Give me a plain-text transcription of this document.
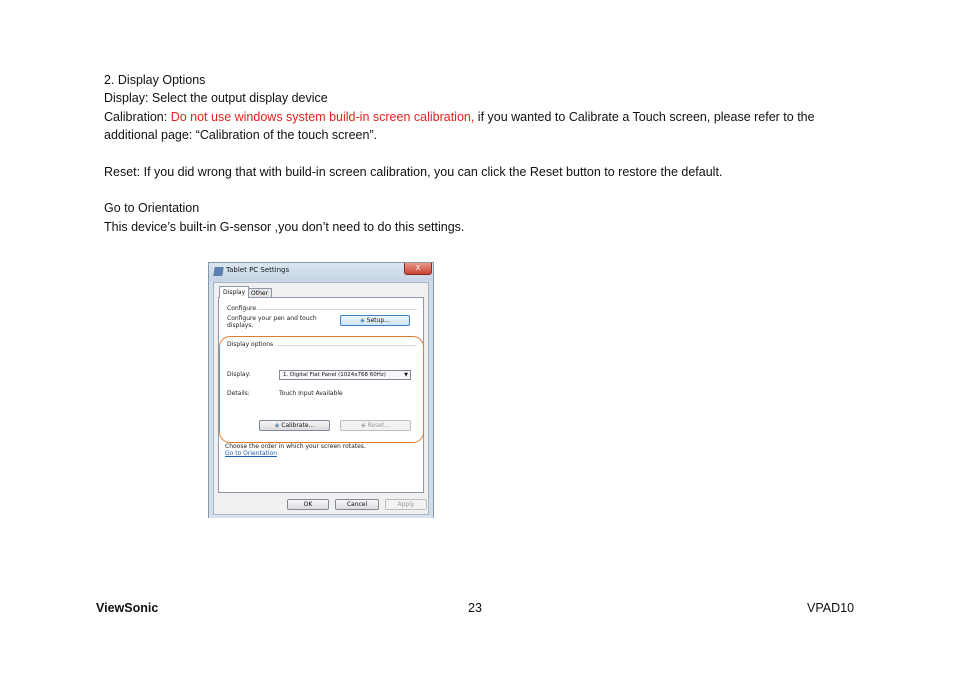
2. Display Options
Display: Select the output display device
Calibration: Do not use windows system build-in screen calibration, if you wanted to Calibrate a Touch screen, please refer to the
additional page: “Calibration of the touch screen”.
Reset: If you did wrong that with build-in screen calibration, you can click the Reset button to restore the default.
Go to Orientation
This device’s built-in G-sensor ,you don’t need to do this settings.
Tablet PC Settings	X
Display Other
Configure
Configure your pen and touch
displays.
◈ Setup...
Display options
Display:	1. Digital Flat Panel (1024x768 60Hz)	▼
Details:	Touch Input Available
◈ Calibrate...	◈ Reset...
Choose the order in which your screen rotates.
Go to Orientation
OK	Cancel	Apply
ViewSonic	23	VPAD10
